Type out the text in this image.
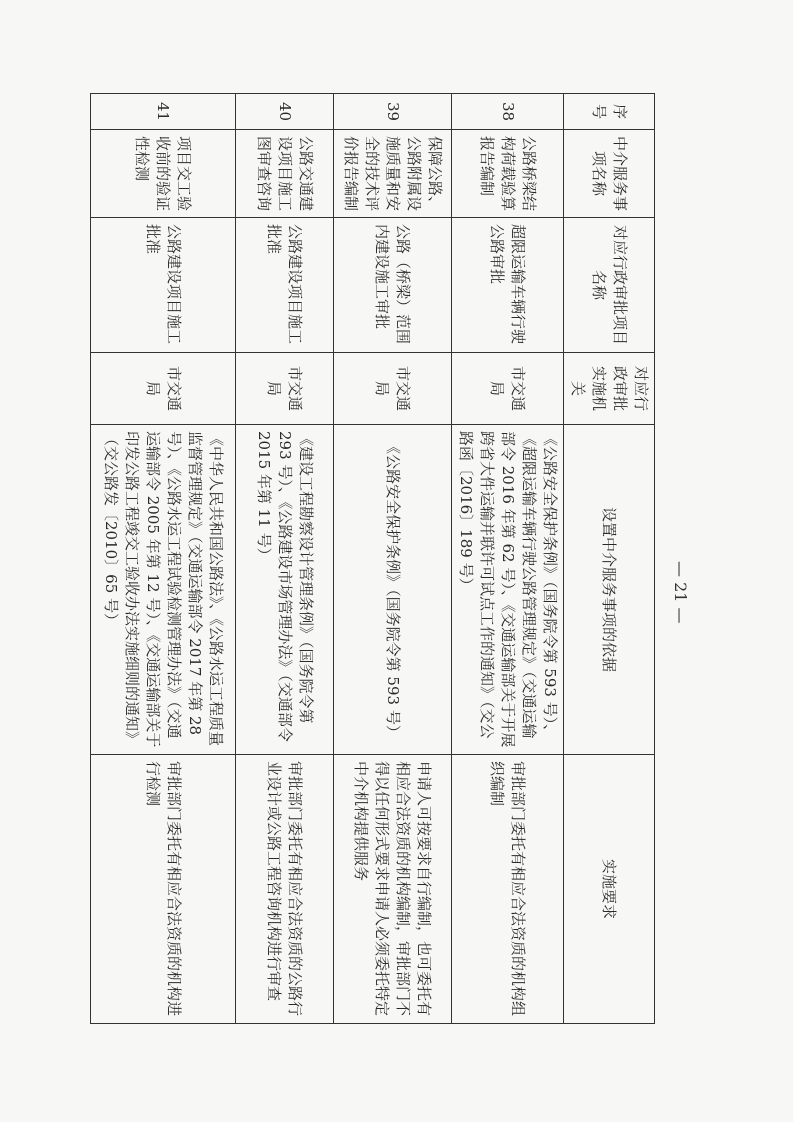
序号	中介服务事项名称	对应行政审批项目名称	对应行政审批实施机关	设置中介服务事项的依据	实施要求
38	公路桥梁结构荷载验算报告编制	超限运输车辆行驶公路审批	市交通局	《公路安全保护条例》（国务院令第 593 号）、《超限运输车辆行驶公路管理规定》（交通运输部令 2016 年第 62 号）、《交通运输部关于开展跨省大件运输并联许可试点工作的通知》（交公路函〔2016〕189 号）	审批部门委托有相应合法资质的机构组织编制
39	保障公路、公路附属设施质量和安全的技术评价报告编制	公路（桥梁）范围内建设施工审批	市交通局	《公路安全保护条例》（国务院令第 593 号）	申请人可按要求自行编制，也可委托有相应合法资质的机构编制，审批部门不得以任何形式要求申请人必须委托特定中介机构提供服务
40	公路交通建设项目施工图审查咨询	公路建设项目施工批准	市交通局	《建设工程勘察设计管理条例》（国务院令第 293 号）、《公路建设市场管理办法》（交通部令 2015 年第 11 号）	审批部门委托有相应合法资质的公路行业设计或公路工程咨询机构进行审查
41	项目交工验收前的验证性检测	公路建设项目施工批准	市交通局	《中华人民共和国公路法》、《公路水运工程质量监督管理规定》（交通运输部令 2017 年第 28 号）、《公路水运工程试验检测管理办法》（交通运输部令 2005 年第 12 号）、《交通运输部关于印发公路工程竣交工验收办法实施细则的通知》（交公路发〔2010〕65 号）	审批部门委托有相应合法资质的机构进行检测
— 21 —
